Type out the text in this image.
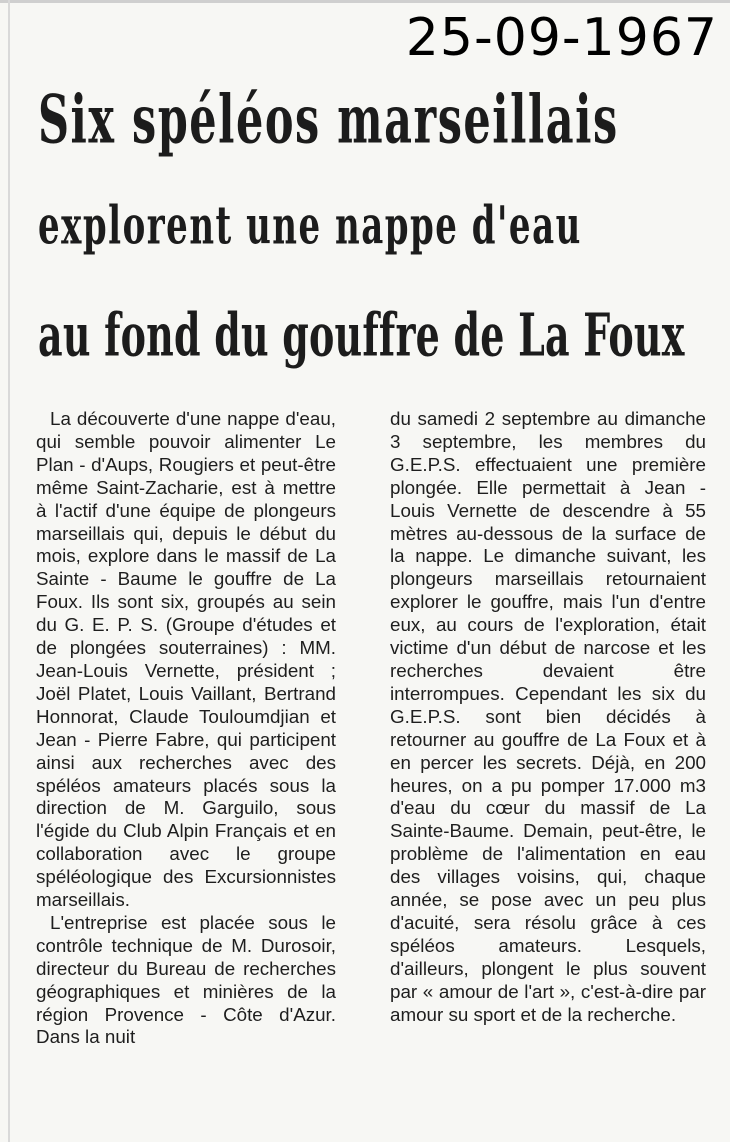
25-09-1967
Six spéléos marseillais
explorent une nappe d'eau
au fond du gouffre de La Foux

La découverte d'une nappe d'eau, qui semble pouvoir alimenter Le Plan - d'Aups, Rougiers et peut-être même Saint-Zacharie, est à mettre à l'actif d'une équipe de plongeurs marseillais qui, depuis le début du mois, explore dans le massif de La Sainte - Baume le gouffre de La Foux. Ils sont six, groupés au sein du G. E. P. S. (Groupe d'études et de plongées souterraines) : MM. Jean-Louis Vernette, président ; Joël Platet, Louis Vaillant, Bertrand Honnorat, Claude Touloumdjian et Jean - Pierre Fabre, qui participent ainsi aux recherches avec des spéléos amateurs placés sous la direction de M. Garguilo, sous l'égide du Club Alpin Français et en collaboration avec le groupe spéléologique des Excursionnistes marseillais.

L'entreprise est placée sous le contrôle technique de M. Durosoir, directeur du Bureau de recherches géographiques et minières de la région Provence - Côte d'Azur. Dans la nuit

du samedi 2 septembre au dimanche 3 septembre, les membres du G.E.P.S. effectuaient une première plongée. Elle permettait à Jean - Louis Vernette de descendre à 55 mètres au-dessous de la surface de la nappe. Le dimanche suivant, les plongeurs marseillais retournaient explorer le gouffre, mais l'un d'entre eux, au cours de l'exploration, était victime d'un début de narcose et les recherches devaient être interrompues. Cependant les six du G.E.P.S. sont bien décidés à retourner au gouffre de La Foux et à en percer les secrets. Déjà, en 200 heures, on a pu pomper 17.000 m3 d'eau du cœur du massif de La Sainte-Baume. Demain, peut-être, le problème de l'alimentation en eau des villages voisins, qui, chaque année, se pose avec un peu plus d'acuité, sera résolu grâce à ces spéléos amateurs. Lesquels, d'ailleurs, plongent le plus souvent par « amour de l'art », c'est-à-dire par amour su sport et de la recherche.
